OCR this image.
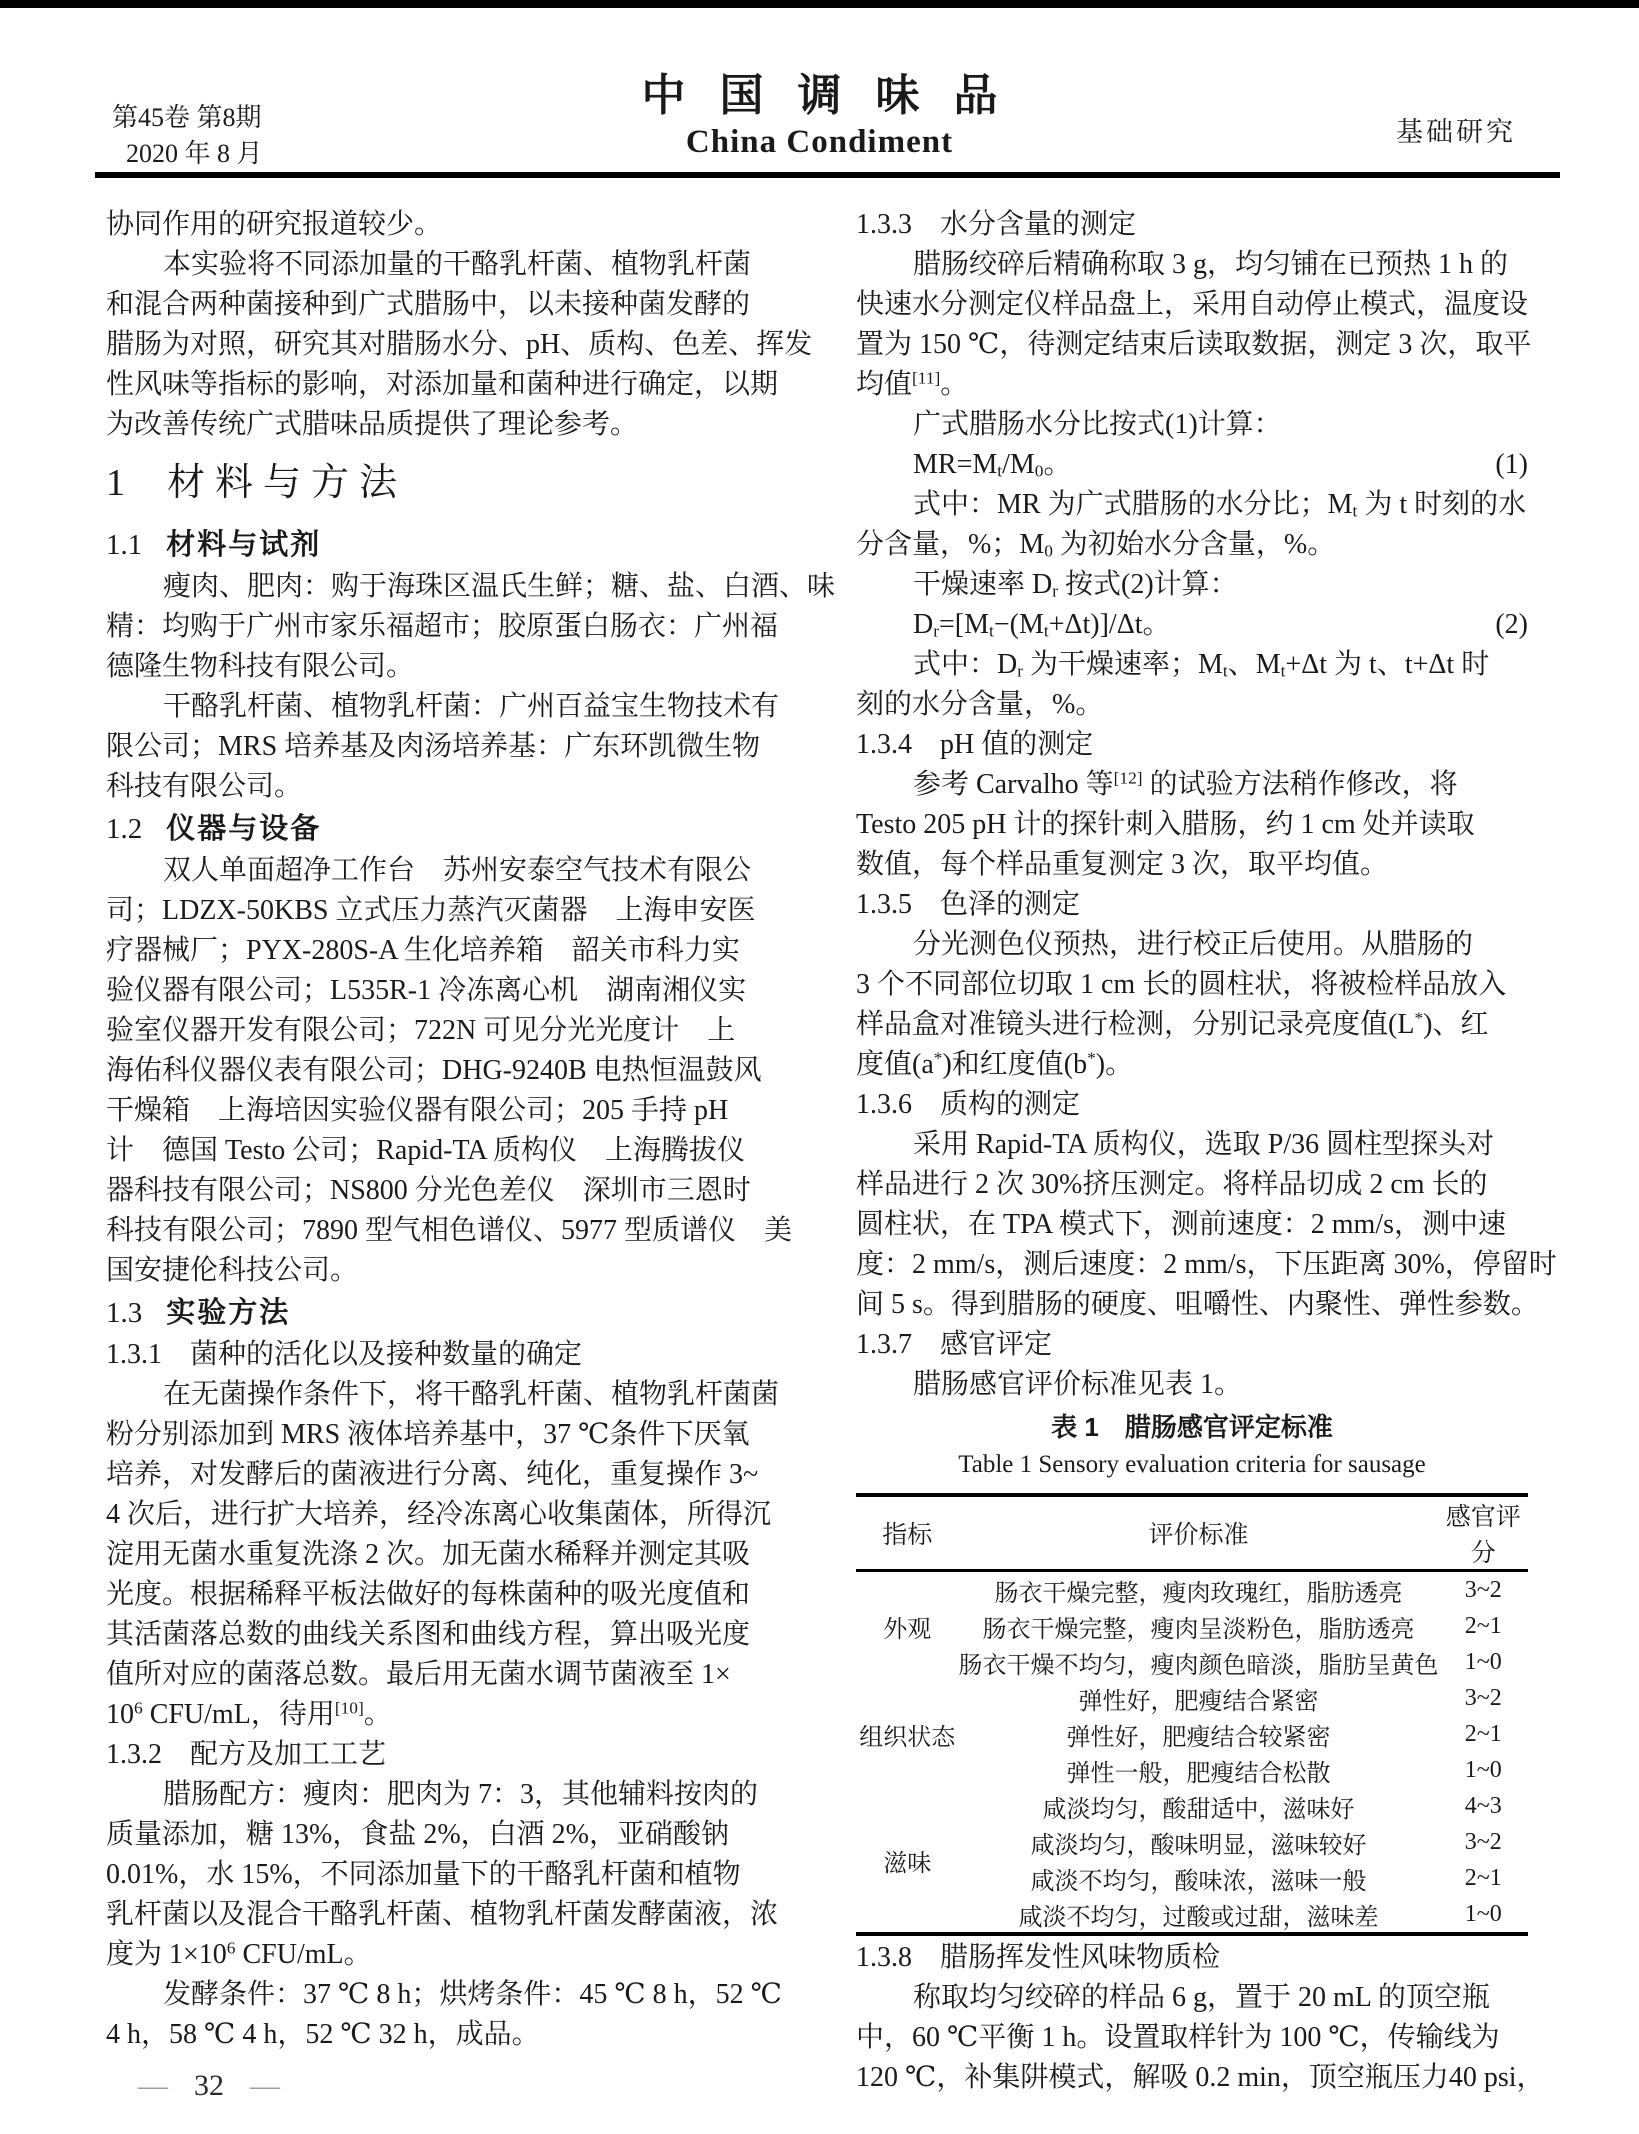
第45卷 第8期
2020 年 8 月
中国调味品
China Condiment	基础研究
协同作用的研究报道较少。
本实验将不同添加量的干酪乳杆菌、植物乳杆菌
和混合两种菌接种到广式腊肠中，以未接种菌发酵的
腊肠为对照，研究其对腊肠水分、pH、质构、色差、挥发
性风味等指标的影响，对添加量和菌种进行确定，以期
为改善传统广式腊味品质提供了理论参考。
1 材料与方法
1.1 材料与试剂
瘦肉、肥肉：购于海珠区温氏生鲜；糖、盐、白酒、味
精：均购于广州市家乐福超市；胶原蛋白肠衣：广州福
德隆生物科技有限公司。
干酪乳杆菌、植物乳杆菌：广州百益宝生物技术有
限公司；MRS 培养基及肉汤培养基：广东环凯微生物
科技有限公司。
1.2 仪器与设备
双人单面超净工作台 苏州安泰空气技术有限公
司；LDZX-50KBS 立式压力蒸汽灭菌器 上海申安医
疗器械厂；PYX-280S-A 生化培养箱 韶关市科力实
验仪器有限公司；L535R-1 冷冻离心机 湖南湘仪实
验室仪器开发有限公司；722N 可见分光光度计 上
海佑科仪器仪表有限公司；DHG-9240B 电热恒温鼓风
干燥箱 上海培因实验仪器有限公司；205 手持 pH
计 德国 Testo 公司；Rapid-TA 质构仪 上海腾拔仪
器科技有限公司；NS800 分光色差仪 深圳市三恩时
科技有限公司；7890 型气相色谱仪、5977 型质谱仪 美
国安捷伦科技公司。
1.3 实验方法
1.3.1 菌种的活化以及接种数量的确定
在无菌操作条件下，将干酪乳杆菌、植物乳杆菌菌
粉分别添加到 MRS 液体培养基中，37 ℃条件下厌氧
培养，对发酵后的菌液进行分离、纯化，重复操作 3~
4 次后，进行扩大培养，经冷冻离心收集菌体，所得沉
淀用无菌水重复洗涤 2 次。加无菌水稀释并测定其吸
光度。根据稀释平板法做好的每株菌种的吸光度值和
其活菌落总数的曲线关系图和曲线方程，算出吸光度
值所对应的菌落总数。最后用无菌水调节菌液至 1×
$10^6$ CFU/mL，待用[10]。
1.3.2 配方及加工工艺
腊肠配方：瘦肉：肥肉为 7：3，其他辅料按肉的
质量添加，糖 13%，食盐 2%，白酒 2%，亚硝酸钠
0.01%，水 15%，不同添加量下的干酪乳杆菌和植物
乳杆菌以及混合干酪乳杆菌、植物乳杆菌发酵菌液，浓
度为 $1\times 10^6$ CFU/mL。
发酵条件：37 ℃ 8 h；烘烤条件：45 ℃ 8 h，52 ℃
4 h，58 ℃ 4 h，52 ℃ 32 h，成品。
1.3.3 水分含量的测定
腊肠绞碎后精确称取 3 g，均匀铺在已预热 1 h 的
快速水分测定仪样品盘上，采用自动停止模式，温度设
置为 150 ℃，待测定结束后读取数据，测定 3 次，取平
均值[11]。
广式腊肠水分比按式(1)计算：
$MR=M_t/M_0$。	(1)
式中：MR 为广式腊肠的水分比；$M_t$ 为 t 时刻的水
分含量，%；$M_0$ 为初始水分含量，%。
干燥速率 $D_r$ 按式(2)计算：
$D_r=[M_t-(M_t+\Delta t)]/\Delta t$。	(2)
式中：$D_r$ 为干燥速率；$M_t$、$M_t+\Delta t$ 为 t、t+Δt 时
刻的水分含量，%。
1.3.4 pH 值的测定
参考 Carvalho 等[12] 的试验方法稍作修改，将
Testo 205 pH 计的探针刺入腊肠，约 1 cm 处并读取
数值，每个样品重复测定 3 次，取平均值。
1.3.5 色泽的测定
分光测色仪预热，进行校正后使用。从腊肠的
3 个不同部位切取 1 cm 长的圆柱状，将被检样品放入
样品盒对准镜头进行检测，分别记录亮度值(L*)、红
度值(a*)和红度值(b*)。
1.3.6 质构的测定
采用 Rapid-TA 质构仪，选取 P/36 圆柱型探头对
样品进行 2 次 30%挤压测定。将样品切成 2 cm 长的
圆柱状，在 TPA 模式下，测前速度：2 mm/s，测中速
度：2 mm/s，测后速度：2 mm/s，下压距离 30%，停留时
间 5 s。得到腊肠的硬度、咀嚼性、内聚性、弹性参数。
1.3.7 感官评定
腊肠感官评价标准见表 1。
表 1 腊肠感官评定标准
Table 1 Sensory evaluation criteria for sausage
指标	评价标准	感官评分
外观	肠衣干燥完整，瘦肉玫瑰红，脂肪透亮	3~2
	肠衣干燥完整，瘦肉呈淡粉色，脂肪透亮	2~1
	肠衣干燥不均匀，瘦肉颜色暗淡，脂肪呈黄色	1~0
组织状态	弹性好，肥瘦结合紧密	3~2
	弹性好，肥瘦结合较紧密	2~1
	弹性一般，肥瘦结合松散	1~0
滋味	咸淡均匀，酸甜适中，滋味好	4~3
	咸淡均匀，酸味明显，滋味较好	3~2
	咸淡不均匀，酸味浓，滋味一般	2~1
	咸淡不均匀，过酸或过甜，滋味差	1~0
1.3.8 腊肠挥发性风味物质检
称取均匀绞碎的样品 6 g，置于 20 mL 的顶空瓶
中，60 ℃平衡 1 h。设置取样针为 100 ℃，传输线为
120 ℃，补集阱模式，解吸 0.2 min，顶空瓶压力40 psi，
— 32 —
